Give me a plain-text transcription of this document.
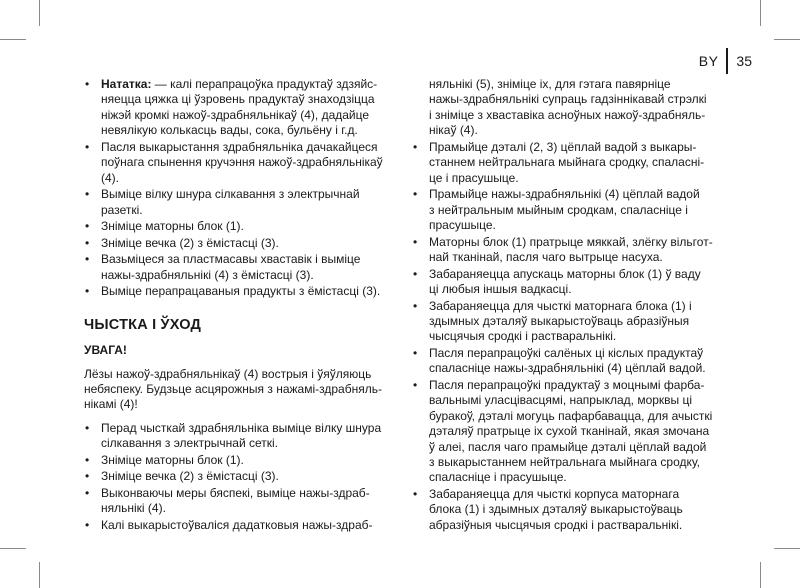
BY 35
• Нататка: — калі перапрацоўка прадуктаў здзяйс-
няецца цяжка ці ўзровень прадуктаў знаходзіцца
ніжэй кромкі нажоў-здрабняльнікаў (4), дадайце
невялікую колькасць вады, сока, бульёну і г.д.
• Пасля выкарыстання здрабняльніка дачакайцеся
поўнага спынення кручэння нажоў-здрабняльнікаў
(4).
• Выміце вілку шнура сілкавання з электрычнай
разеткі.
• Зніміце маторны блок (1).
• Зніміце вечка (2) з ёмістасці (3).
• Вазьміцеся за пластмасавы хваставік і выміце
нажы-здрабняльнікі (4) з ёмістасці (3).
• Выміце перапрацаваныя прадукты з ёмістасці (3).
ЧЫСТКА І ЎХОД
УВАГА!
Лёзы нажоў-здрабняльнікаў (4) вострыя і ўяўляюць
небяспеку. Будзьце асцярожныя з нажамі-здрабняль-
нікамі (4)!
• Перад чысткай здрабняльніка выміце вілку шнура
сілкавання з электрычнай сеткі.
• Зніміце маторны блок (1).
• Зніміце вечка (2) з ёмістасці (3).
• Выконваючы меры бяспекі, выміце нажы-здраб-
няльнікі (4).
• Калі выкарыстоўваліся дадатковыя нажы-здраб-
няльнікі (5), зніміце іх, для гэтага павярніце
нажы-здрабняльнікі супраць гадзіннікавай стрэлкі
і зніміце з хваставіка асноўных нажоў-здрабняль-
нікаў (4).
• Прамыйце дэталі (2, 3) цёплай вадой з выкары-
станнем нейтральнага мыйнага сродку, спаласні-
це і прасушыце.
• Прамыйце нажы-здрабняльнікі (4) цёплай вадой
з нейтральным мыйным сродкам, спаласніце і
прасушыце.
• Маторны блок (1) пратрыце мяккай, злёгку вільгот-
най тканінай, пасля чаго вытрыце насуха.
• Забараняецца апускаць маторны блок (1) ў ваду
ці любыя іншыя вадкасці.
• Забараняецца для чысткі маторнага блока (1) і
здымных дэталяў выкарыстоўваць абразіўныя
чысцячыя сродкі і растваральнікі.
• Пасля перапрацоўкі салёных ці кіслых прадуктаў
спаласніце нажы-здрабняльнікі (4) цёплай вадой.
• Пасля перапрацоўкі прадуктаў з моцнымі фарба-
вальнымі уласцівасцямі, напрыклад, морквы ці
буракоў, дэталі могуць пафарбавацца, для ачысткі
дэталяў пратрыце іх сухой тканінай, якая змочана
ў алеі, пасля чаго прамыйце дэталі цёплай вадой
з выкарыстаннем нейтральнага мыйнага сродку,
спаласніце і прасушыце.
• Забараняецца для чысткі корпуса маторнага
блока (1) і здымных дэталяў выкарыстоўваць
абразіўныя чысцячыя сродкі і растваральнікі.
